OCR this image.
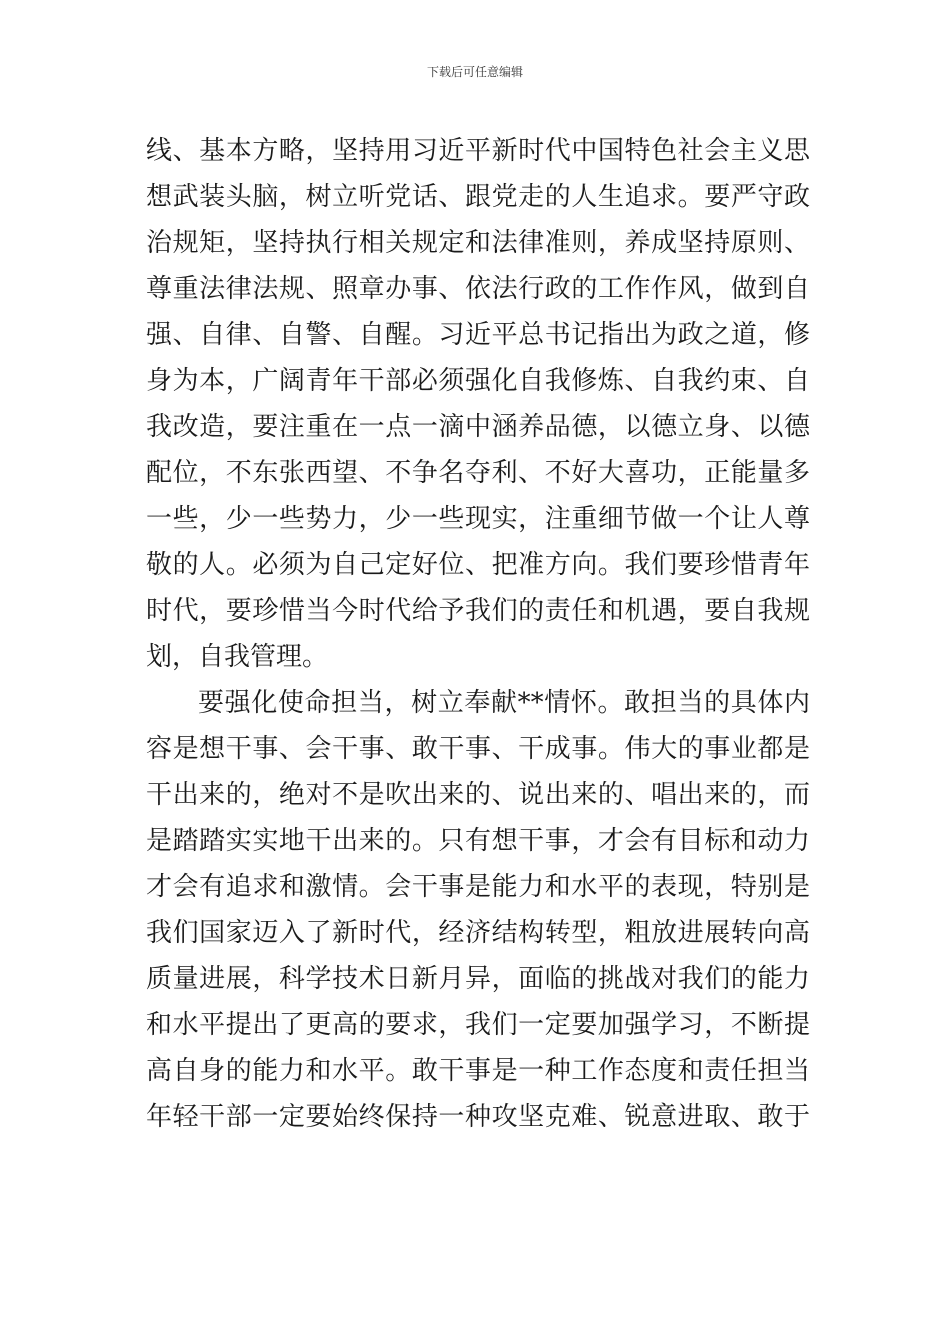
下载后可任意编辑
线、基本方略，坚持用习近平新时代中国特色社会主义思
想武装头脑，树立听党话、跟党走的人生追求。要严守政
治规矩，坚持执行相关规定和法律准则，养成坚持原则、
尊重法律法规、照章办事、依法行政的工作作风，做到自
强、自律、自警、自醒。习近平总书记指出为政之道，修
身为本，广阔青年干部必须强化自我修炼、自我约束、自
我改造，要注重在一点一滴中涵养品德，以德立身、以德
配位，不东张西望、不争名夺利、不好大喜功，正能量多
一些，少一些势力，少一些现实，注重细节做一个让人尊
敬的人。必须为自己定好位、把准方向。我们要珍惜青年
时代，要珍惜当今时代给予我们的责任和机遇，要自我规
划，自我管理。
要强化使命担当，树立奉献**情怀。敢担当的具体内
容是想干事、会干事、敢干事、干成事。伟大的事业都是
干出来的，绝对不是吹出来的、说出来的、唱出来的，而
是踏踏实实地干出来的。只有想干事，才会有目标和动力
才会有追求和激情。会干事是能力和水平的表现，特别是
我们国家迈入了新时代，经济结构转型，粗放进展转向高
质量进展，科学技术日新月异，面临的挑战对我们的能力
和水平提出了更高的要求，我们一定要加强学习，不断提
高自身的能力和水平。敢干事是一种工作态度和责任担当
年轻干部一定要始终保持一种攻坚克难、锐意进取、敢于
